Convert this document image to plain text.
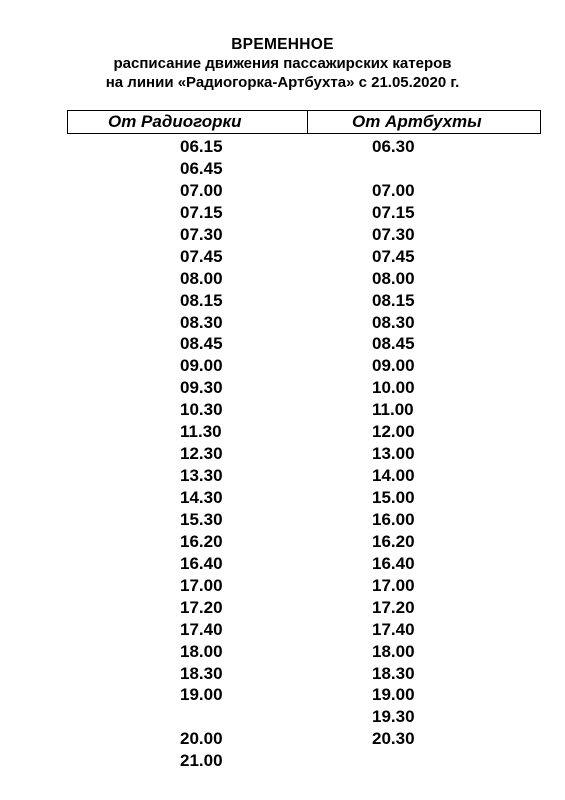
ВРЕМЕННОЕ
расписание движения пассажирских катеров
на линии «Радиогорка-Артбухта» с 21.05.2020 г.
От Радиогорки	От Артбухты
06.15
06.45
07.00
07.15
07.30
07.45
08.00
08.15
08.30
08.45
09.00
09.30
10.30
11.30
12.30
13.30
14.30
15.30
16.20
16.40
17.00
17.20
17.40
18.00
18.30
19.00
20.00
21.00
06.30
07.00
07.15
07.30
07.45
08.00
08.15
08.30
08.45
09.00
10.00
11.00
12.00
13.00
14.00
15.00
16.00
16.20
16.40
17.00
17.20
17.40
18.00
18.30
19.00
19.30
20.30
